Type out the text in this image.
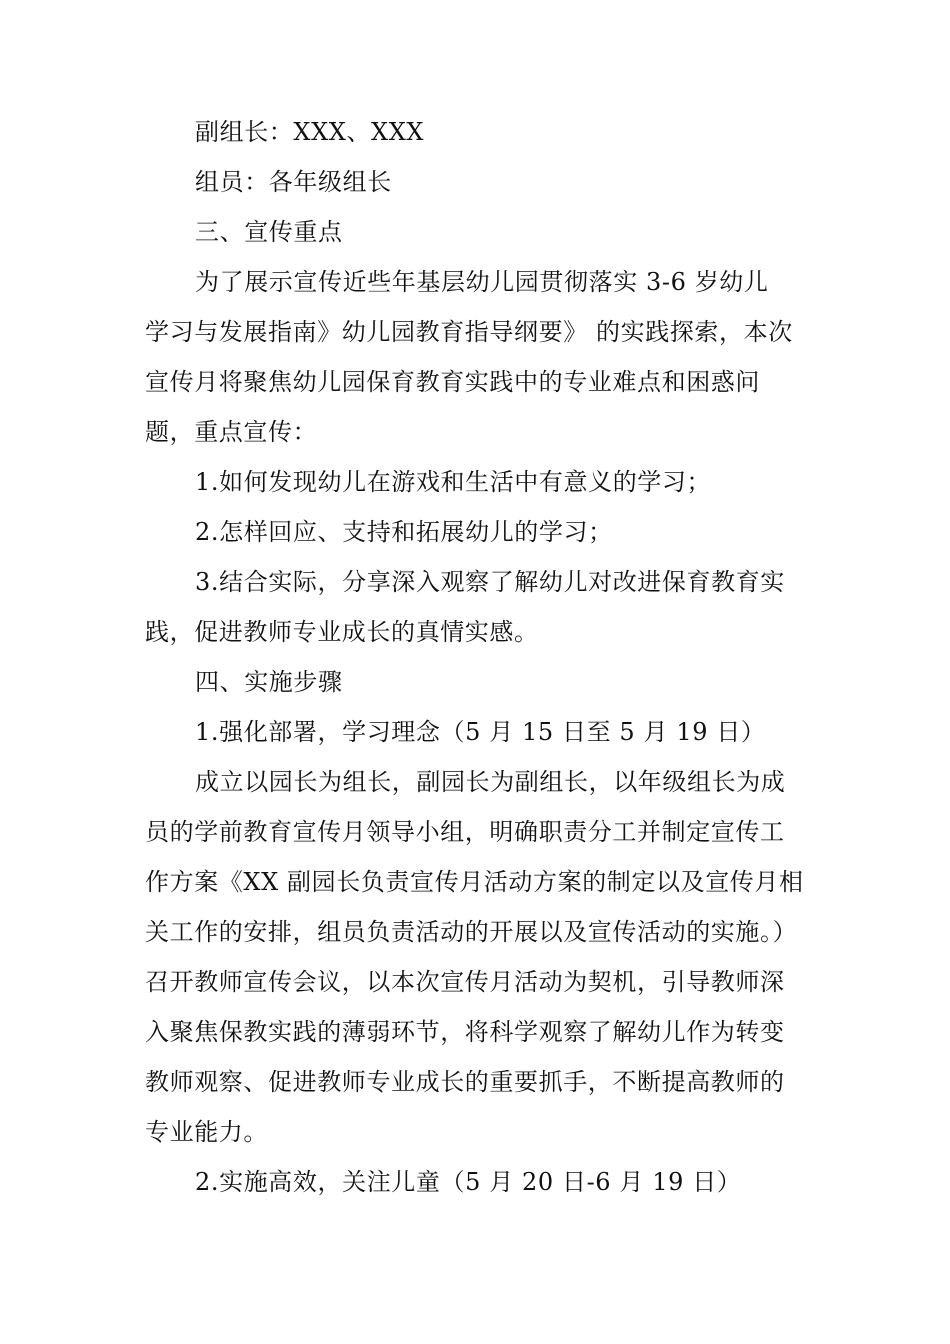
副组长：XXX、XXX
组员：各年级组长
三、宣传重点
为了展示宣传近些年基层幼儿园贯彻落实 3-6 岁幼儿
学习与发展指南》幼儿园教育指导纲要》 的实践探索，本次
宣传月将聚焦幼儿园保育教育实践中的专业难点和困惑问
题，重点宣传：
1.如何发现幼儿在游戏和生活中有意义的学习；
2.怎样回应、支持和拓展幼儿的学习；
3.结合实际，分享深入观察了解幼儿对改进保育教育实
践，促进教师专业成长的真情实感。
四、实施步骤
1.强化部署，学习理念（5 月 15 日至 5 月 19 日）
成立以园长为组长，副园长为副组长，以年级组长为成
员的学前教育宣传月领导小组，明确职责分工并制定宣传工
作方案《XX 副园长负责宣传月活动方案的制定以及宣传月相
关工作的安排，组员负责活动的开展以及宣传活动的实施。）
召开教师宣传会议，以本次宣传月活动为契机，引导教师深
入聚焦保教实践的薄弱环节，将科学观察了解幼儿作为转变
教师观察、促进教师专业成长的重要抓手，不断提高教师的
专业能力。
2.实施高效，关注儿童（5 月 20 日-6 月 19 日）
